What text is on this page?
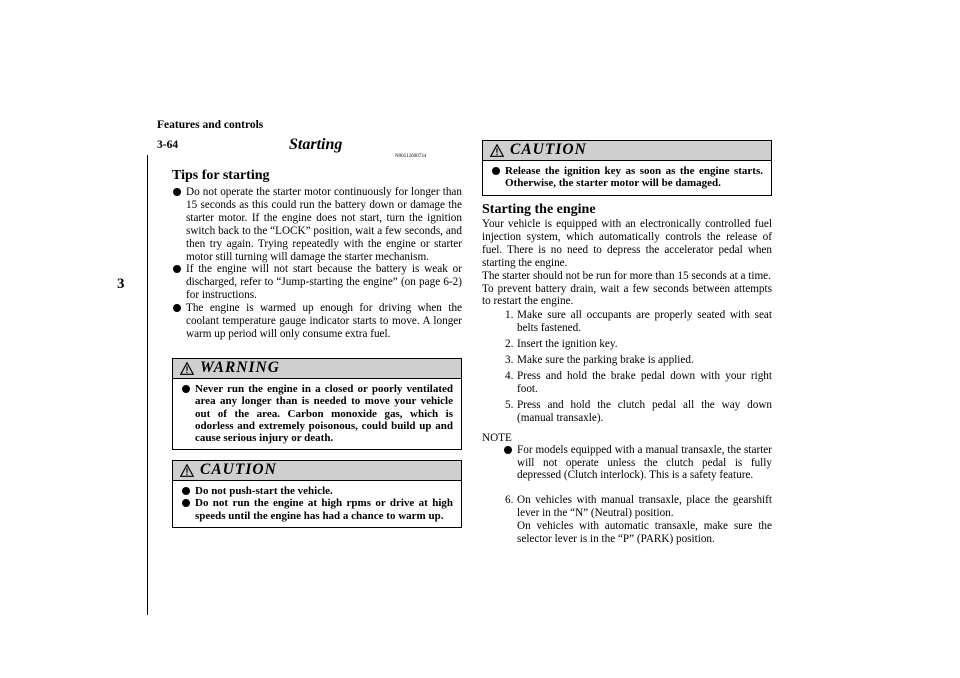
Features and controls
3-64
3
Starting
N00512600734
Tips for starting
Do not operate the starter motor continuously for longer than 15 seconds as this could run the battery down or damage the starter motor. If the engine does not start, turn the ignition switch back to the “LOCK” position, wait a few seconds, and then try again. Trying repeatedly with the engine or starter motor still turning will damage the starter mechanism.
If the engine will not start because the battery is weak or discharged, refer to “Jump-starting the engine” (on page 6-2) for instructions.
The engine is warmed up enough for driving when the coolant temperature gauge indicator starts to move. A longer warm up period will only consume extra fuel.
WARNING
Never run the engine in a closed or poorly ventilated area any longer than is needed to move your vehicle out of the area. Carbon monoxide gas, which is odorless and extremely poisonous, could build up and cause serious injury or death.
CAUTION
Do not push-start the vehicle.
Do not run the engine at high rpms or drive at high speeds until the engine has had a chance to warm up.
CAUTION
Release the ignition key as soon as the engine starts. Otherwise, the starter motor will be damaged.
Starting the engine
Your vehicle is equipped with an electronically controlled fuel injection system, which automatically controls the release of fuel. There is no need to depress the accelerator pedal when starting the engine.
The starter should not be run for more than 15 seconds at a time.
To prevent battery drain, wait a few seconds between attempts to restart the engine.
1. Make sure all occupants are properly seated with seat belts fastened.
2. Insert the ignition key.
3. Make sure the parking brake is applied.
4. Press and hold the brake pedal down with your right foot.
5. Press and hold the clutch pedal all the way down (manual transaxle).
NOTE
For models equipped with a manual transaxle, the starter will not operate unless the clutch pedal is fully depressed (Clutch interlock). This is a safety feature.
6. On vehicles with manual transaxle, place the gearshift lever in the “N” (Neutral) position.
On vehicles with automatic transaxle, make sure the selector lever is in the “P” (PARK) position.
